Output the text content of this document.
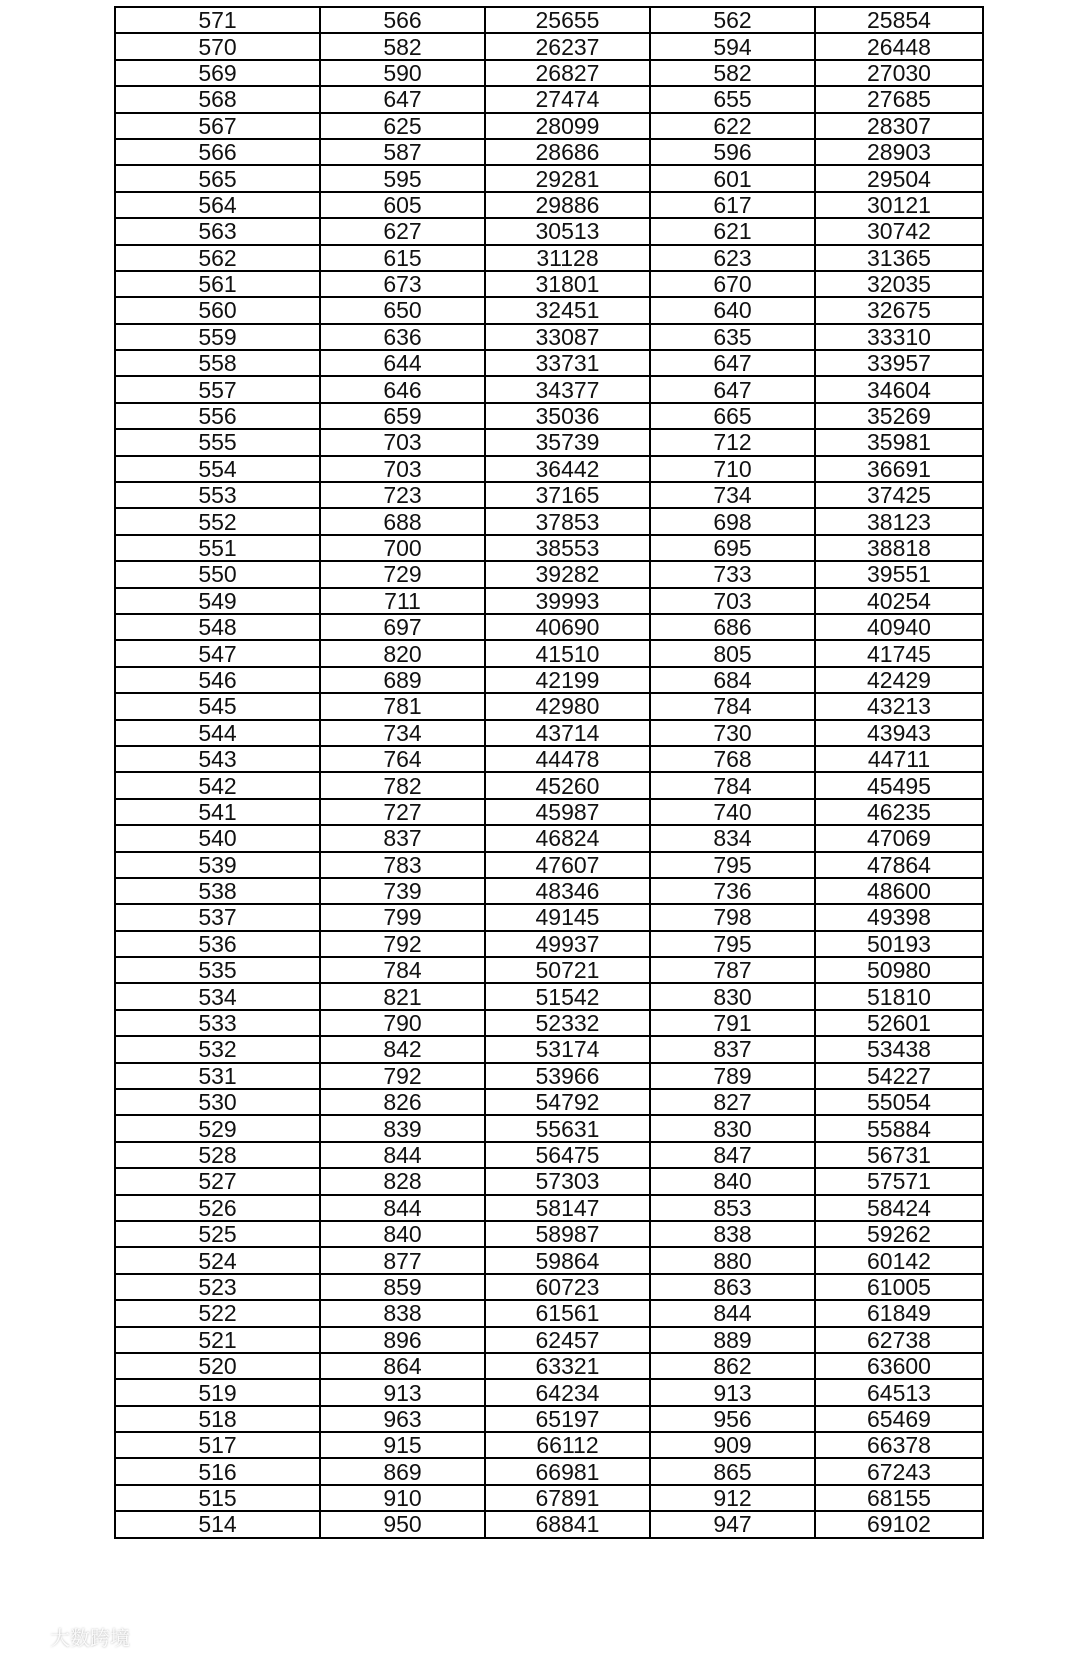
571	566	25655	562	25854
570	582	26237	594	26448
569	590	26827	582	27030
568	647	27474	655	27685
567	625	28099	622	28307
566	587	28686	596	28903
565	595	29281	601	29504
564	605	29886	617	30121
563	627	30513	621	30742
562	615	31128	623	31365
561	673	31801	670	32035
560	650	32451	640	32675
559	636	33087	635	33310
558	644	33731	647	33957
557	646	34377	647	34604
556	659	35036	665	35269
555	703	35739	712	35981
554	703	36442	710	36691
553	723	37165	734	37425
552	688	37853	698	38123
551	700	38553	695	38818
550	729	39282	733	39551
549	711	39993	703	40254
548	697	40690	686	40940
547	820	41510	805	41745
546	689	42199	684	42429
545	781	42980	784	43213
544	734	43714	730	43943
543	764	44478	768	44711
542	782	45260	784	45495
541	727	45987	740	46235
540	837	46824	834	47069
539	783	47607	795	47864
538	739	48346	736	48600
537	799	49145	798	49398
536	792	49937	795	50193
535	784	50721	787	50980
534	821	51542	830	51810
533	790	52332	791	52601
532	842	53174	837	53438
531	792	53966	789	54227
530	826	54792	827	55054
529	839	55631	830	55884
528	844	56475	847	56731
527	828	57303	840	57571
526	844	58147	853	58424
525	840	58987	838	59262
524	877	59864	880	60142
523	859	60723	863	61005
522	838	61561	844	61849
521	896	62457	889	62738
520	864	63321	862	63600
519	913	64234	913	64513
518	963	65197	956	65469
517	915	66112	909	66378
516	869	66981	865	67243
515	910	67891	912	68155
514	950	68841	947	69102
大数跨境
